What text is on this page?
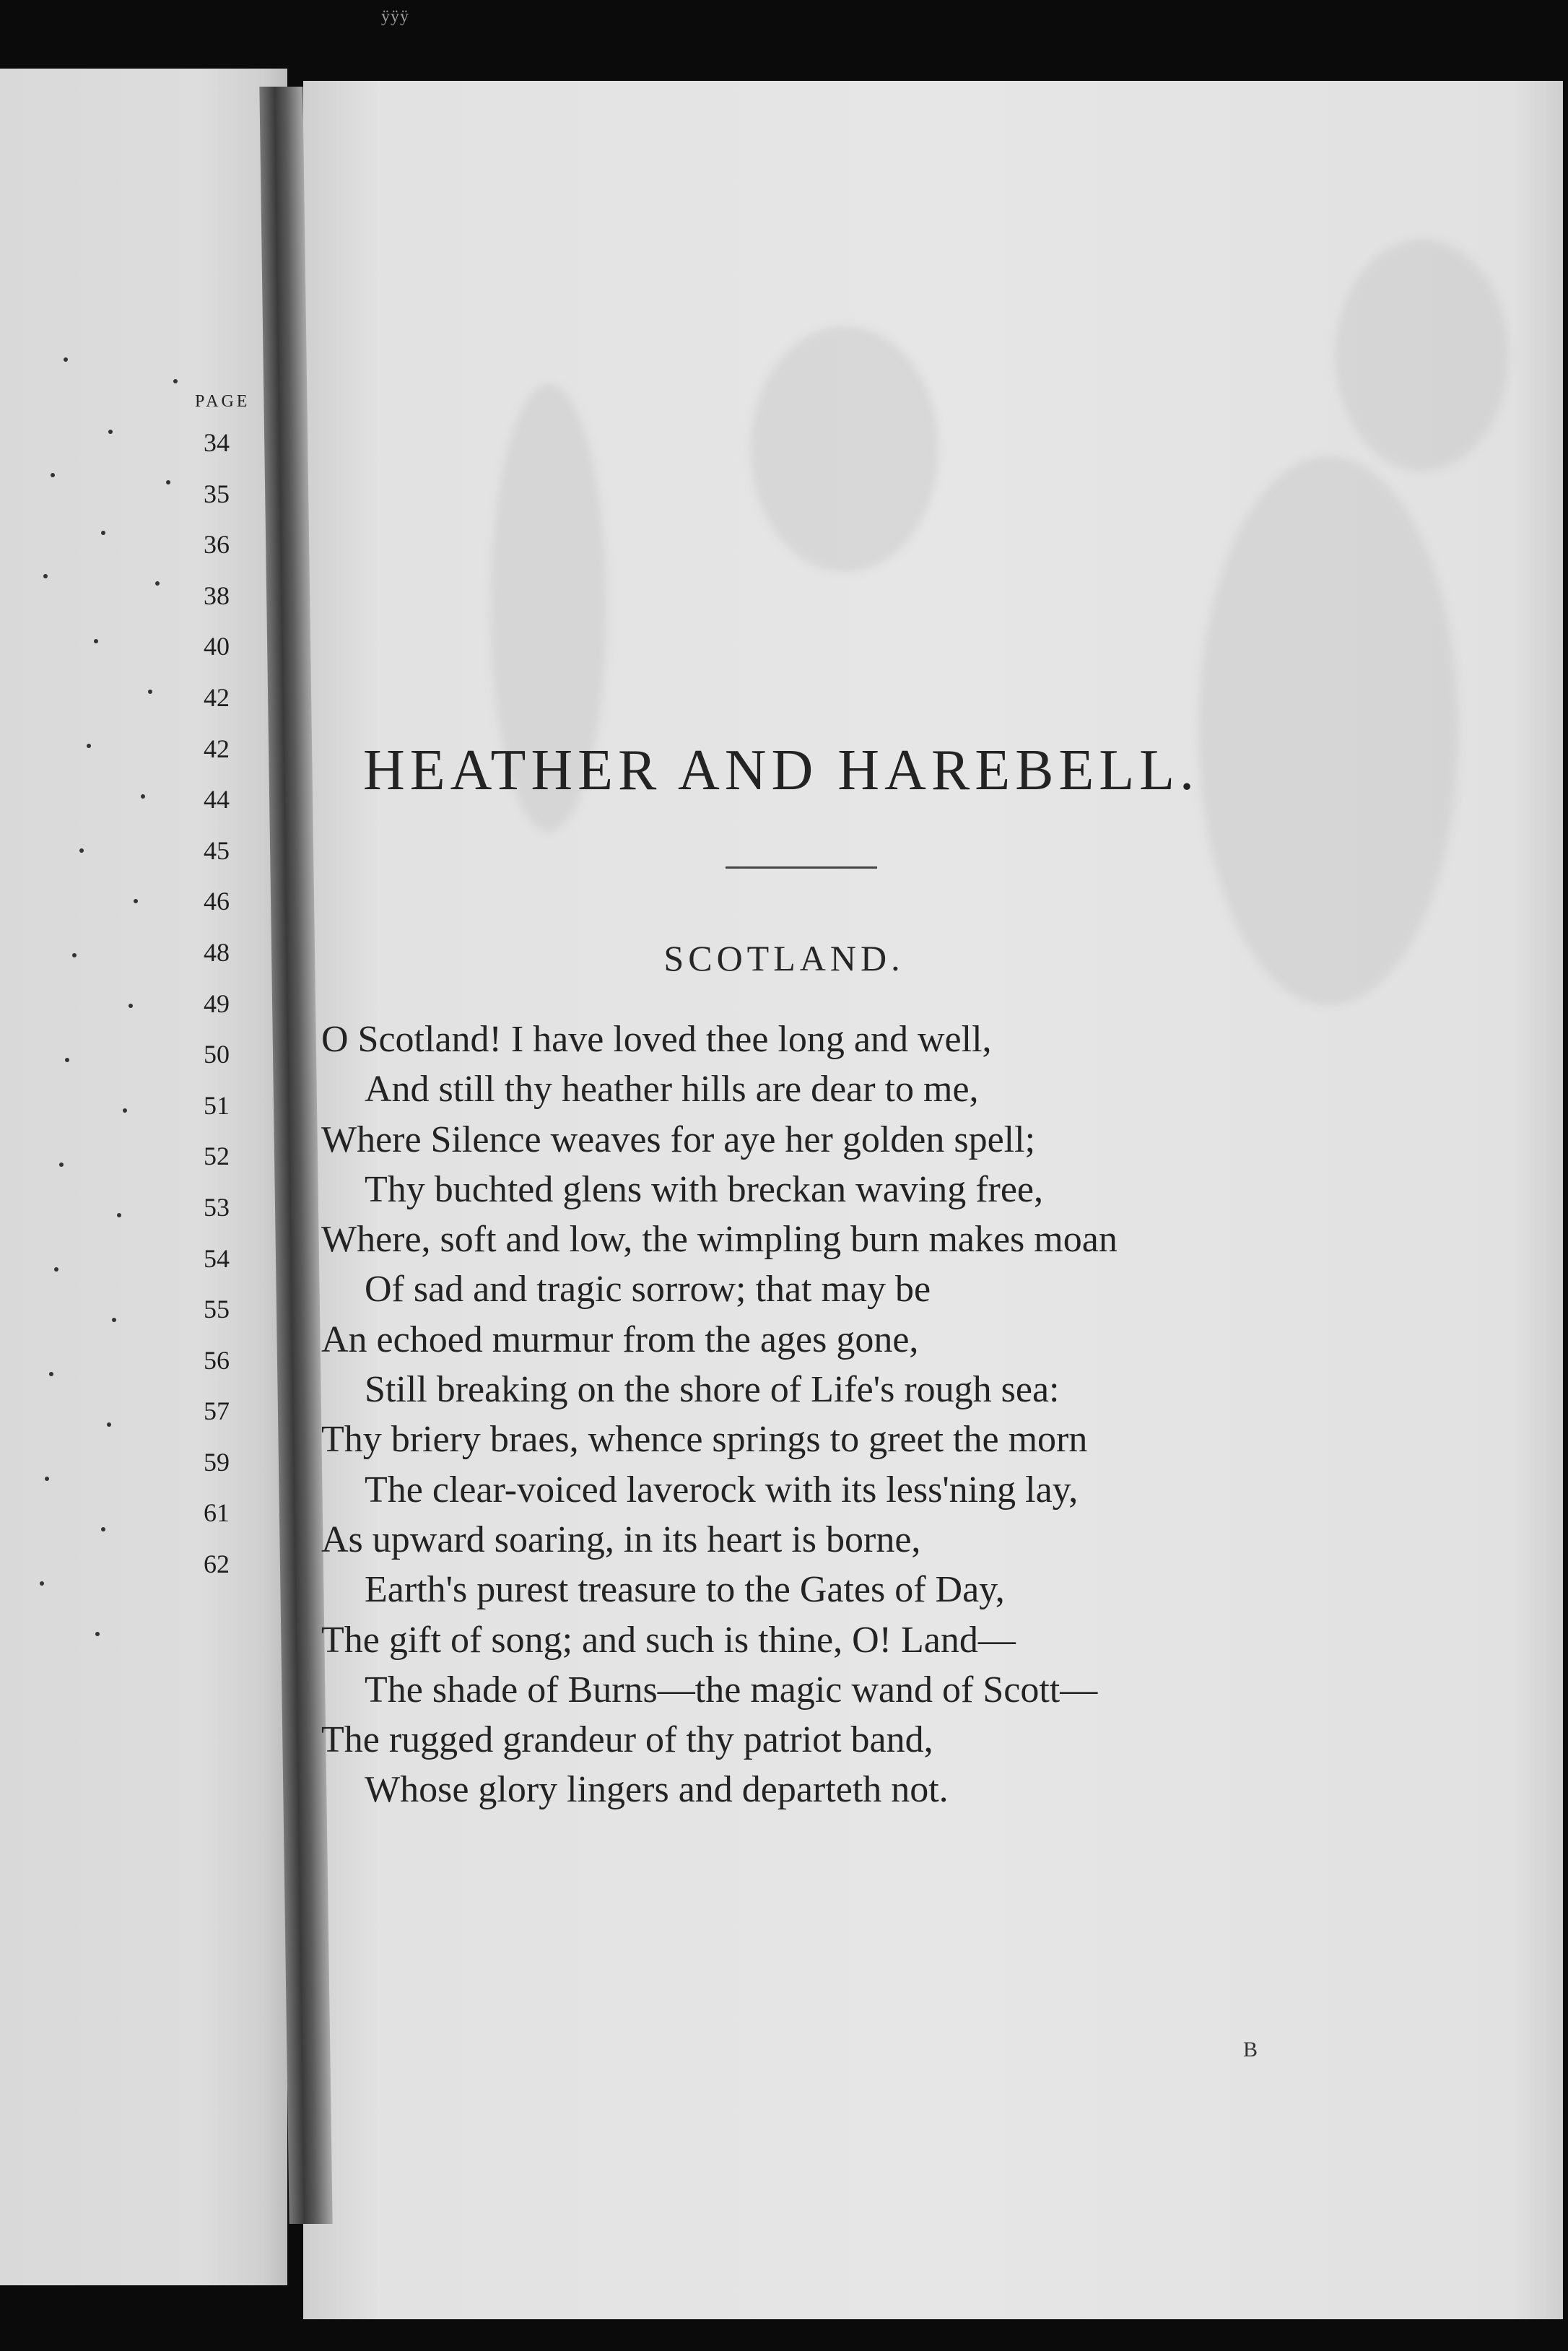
ÿÿÿ
PAGE
34
35
36
38
40
42
42
44
45
46
48
49
50
51
52
53
54
55
56
57
59
61
62
HEATHER AND HAREBELL.
SCOTLAND.
O Scotland! I have loved thee long and well,
And still thy heather hills are dear to me,
Where Silence weaves for aye her golden spell;
Thy buchted glens with breckan waving free,
Where, soft and low, the wimpling burn makes moan
Of sad and tragic sorrow; that may be
An echoed murmur from the ages gone,
Still breaking on the shore of Life's rough sea:
Thy briery braes, whence springs to greet the morn
The clear-voiced laverock with its less'ning lay,
As upward soaring, in its heart is borne,
Earth's purest treasure to the Gates of Day,
The gift of song; and such is thine, O! Land—
The shade of Burns—the magic wand of Scott—
The rugged grandeur of thy patriot band,
Whose glory lingers and departeth not.
B
